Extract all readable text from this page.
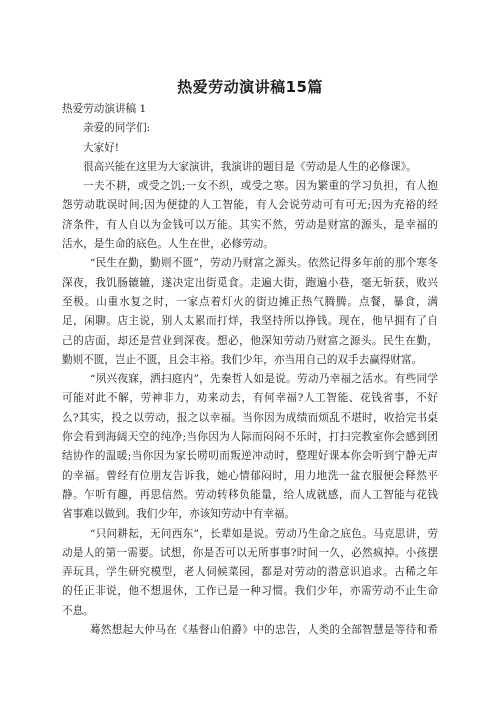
热爱劳动演讲稿15篇
热爱劳动演讲稿 1
亲爱的同学们:
大家好!
很高兴能在这里为大家演讲，我演讲的题目是《劳动是人生的必修课》。
一夫不耕，或受之饥;一女不织，或受之寒。因为繁重的学习负担，有人抱
怨劳动耽误时间;因为便捷的人工智能，有人会说劳动可有可无;因为充裕的经
济条件，有人自以为金钱可以万能。其实不然，劳动是财富的源头，是幸福的
活水，是生命的底色。人生在世，必修劳动。
“民生在勤，勤则不匮”，劳动乃财富之源头。依然记得多年前的那个寒冬
深夜，我饥肠辘辘，遂决定出街觅食。走遍大街，跑遍小巷，毫无斩获，败兴
至极。山重水复之时，一家点着灯火的街边摊正热气腾腾。点餐，暴食，满
足，闲聊。店主说，别人太累而打烊，我坚持所以挣钱。现在，他早拥有了自
己的店面，却还是营业到深夜。想必，他深知劳动乃财富之源头。民生在勤，
勤则不匮，岂止不匮，且会丰裕。我们少年，亦当用自己的双手去赢得财富。
“夙兴夜寐，洒扫庭内”，先秦哲人如是说。劳动乃幸福之活水。有些同学
可能对此不解，劳神非力，劝来动去，有何幸福?人工智能、花钱省事，不好
么?其实，投之以劳动，报之以幸福。当你因为成绩而烦乱不堪时，收拾完书桌
你会看到海阔天空的纯净;当你因为人际而闷闷不乐时，打扫完教室你会感到团
结协作的温暖;当你因为家长唠叨而叛逆冲动时，整理好课本你会听到宁静无声
的幸福。曾经有位朋友告诉我，她心情郁闷时，用力地洗一盆衣服便会释然平
静。乍听有趣，再思信然。劳动转移负能量，给人成就感，而人工智能与花钱
省事难以做到。我们少年，亦该知劳动中有幸福。
“只问耕耘，无问西东”，长辈如是说。劳动乃生命之底色。马克思讲，劳
动是人的第一需要。试想，你是否可以无所事事?时间一久，必然疯掉。小孩摆
弄玩具，学生研究模型，老人伺候菜园，都是对劳动的潜意识追求。古稀之年
的任正非说，他不想退休，工作已是一种习惯。我们少年，亦需劳动不止生命
不息。
蓦然想起大仲马在《基督山伯爵》中的忠告，人类的全部智慧是等待和希
